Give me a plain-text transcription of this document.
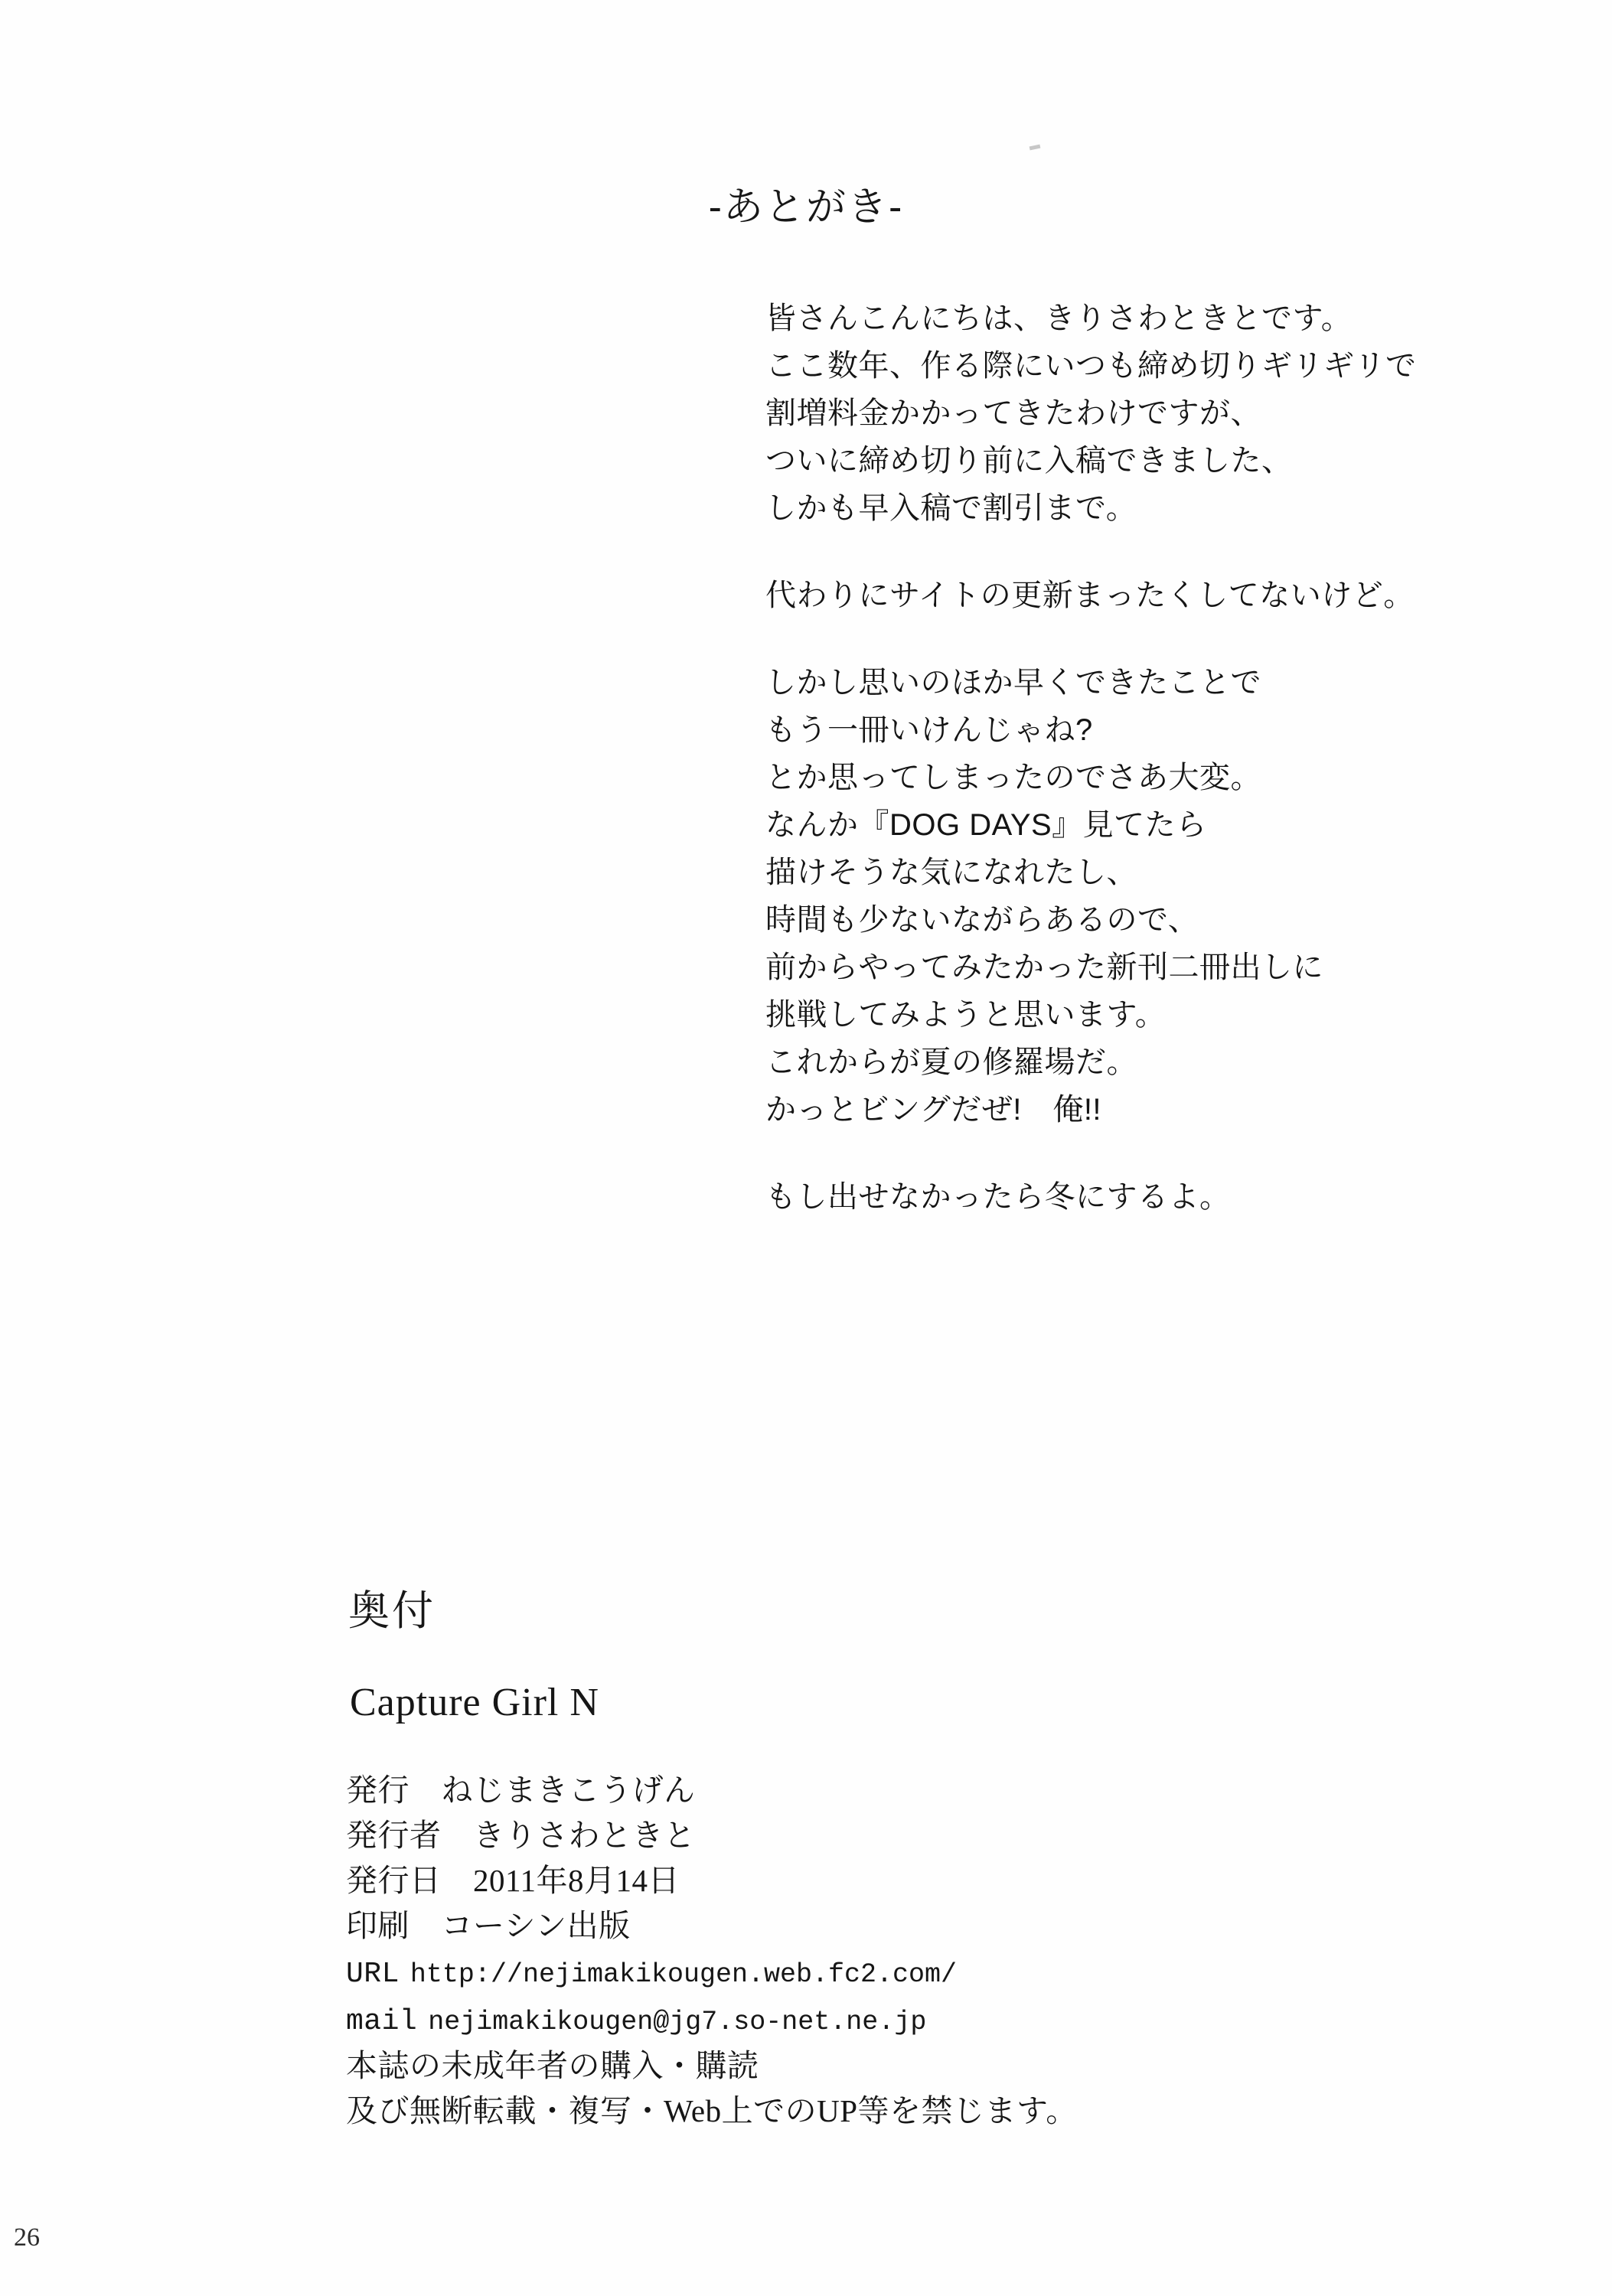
-あとがき-

皆さんこんにちは、きりさわときとです。

ここ数年、作る際にいつも締め切りギリギリで

割増料金かかってきたわけですが、

ついに締め切り前に入稿できました、

しかも早入稿で割引まで。

代わりにサイトの更新まったくしてないけど。

しかし思いのほか早くできたことで

もう一冊いけんじゃね?

とか思ってしまったのでさあ大変。

なんか『DOG DAYS』見てたら

描けそうな気になれたし、

時間も少ないながらあるので、

前からやってみたかった新刊二冊出しに

挑戦してみようと思います。

これからが夏の修羅場だ。

かっとビングだぜ!　俺!!

もし出せなかったら冬にするよ。

奥付
Capture Girl N
発行　ねじまきこうげん
発行者　きりさわときと
発行日　2011年8月14日
印刷　コーシン出版
URL http://nejimakikougen.web.fc2.com/
mail nejimakikougen@jg7.so-net.ne.jp
本誌の未成年者の購入・購読
及び無断転載・複写・Web上でのUP等を禁じます。
26
